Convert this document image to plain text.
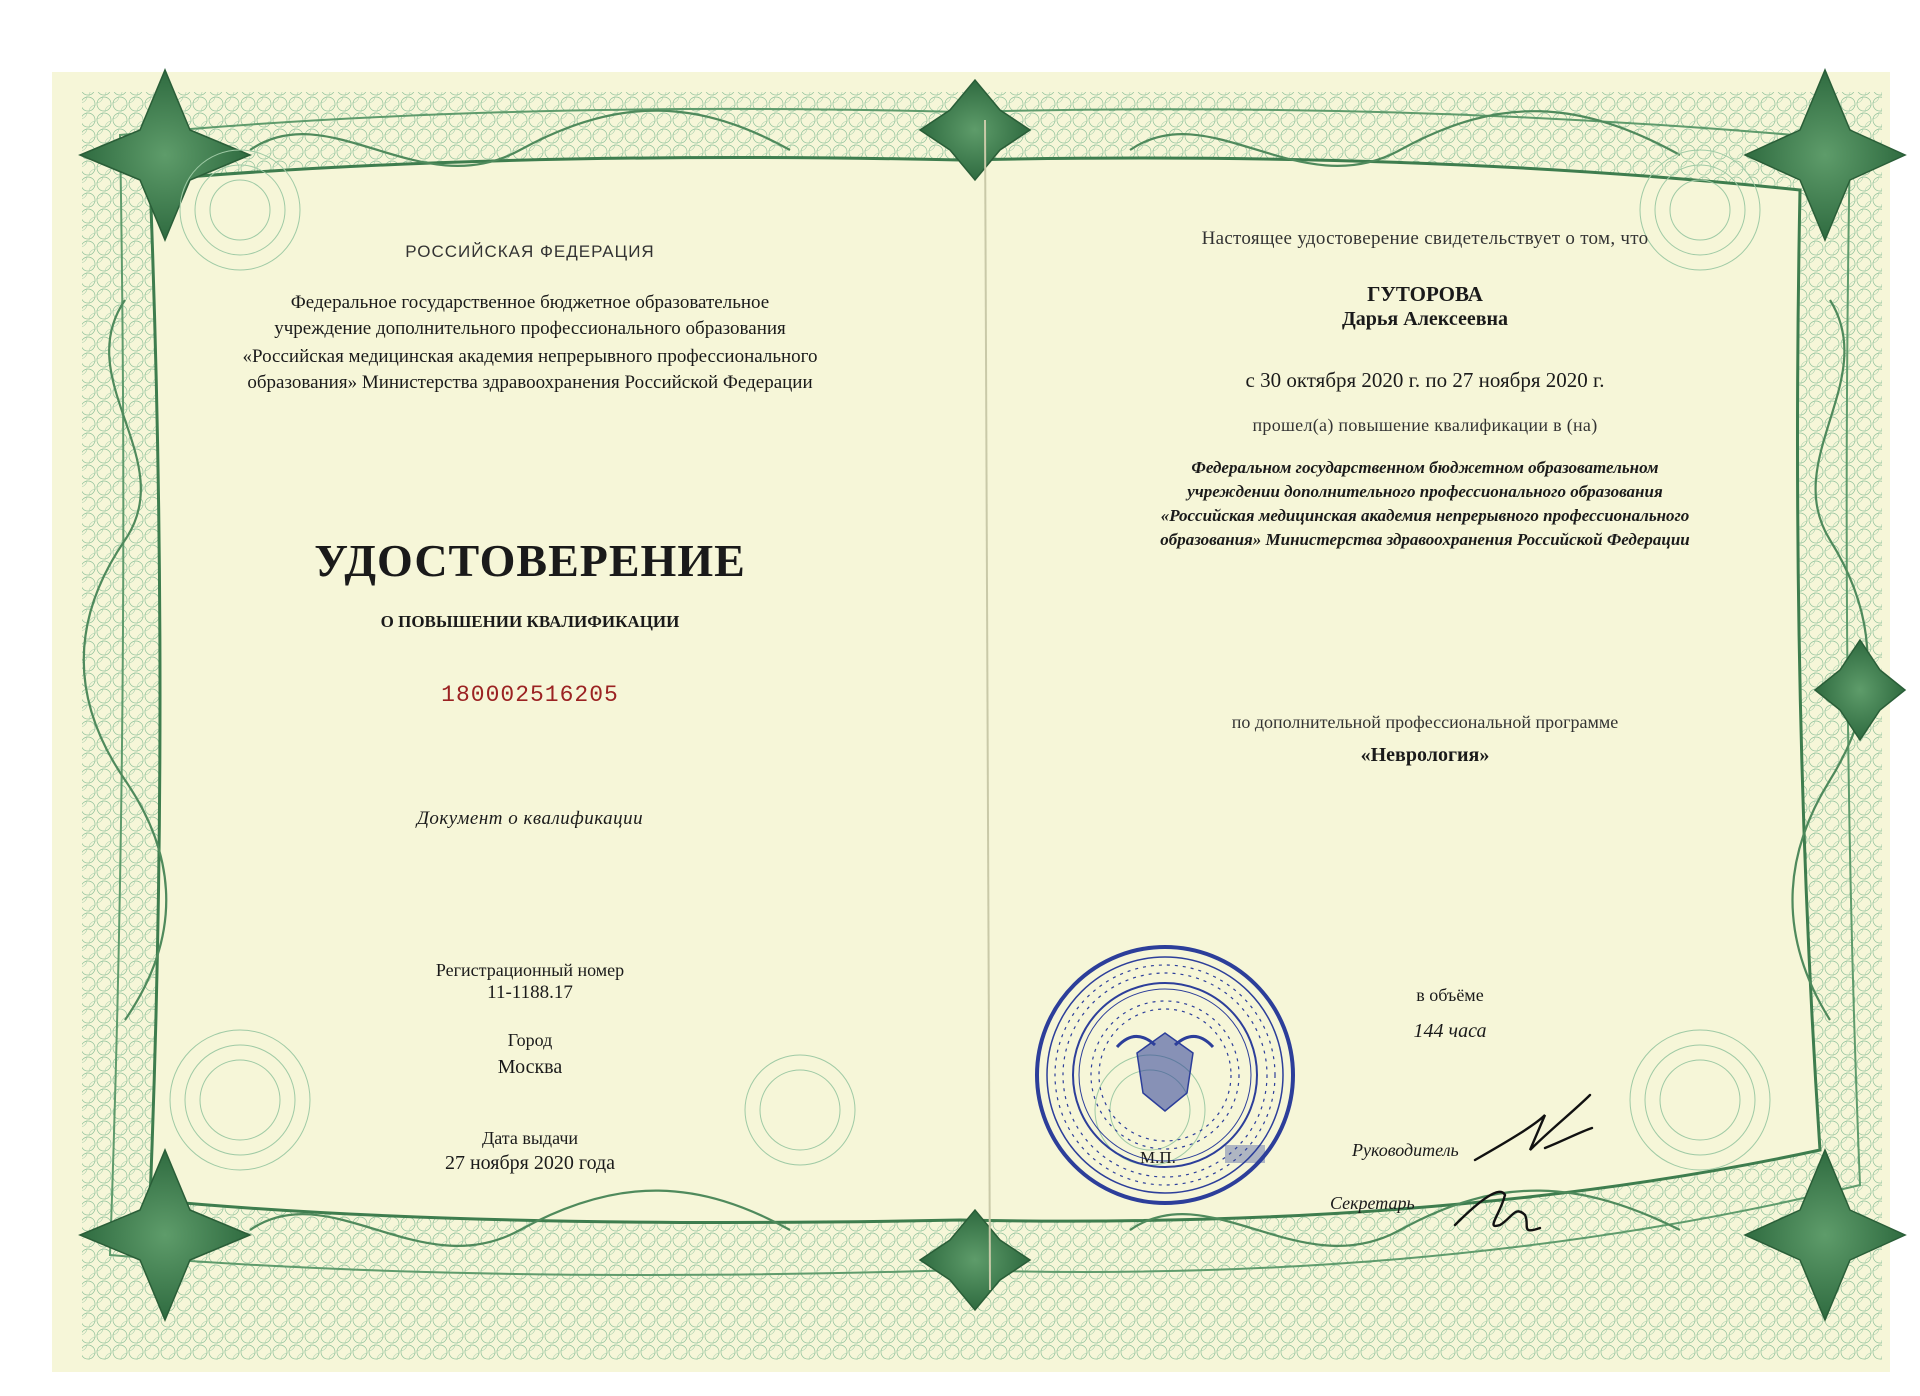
РОССИЙСКАЯ ФЕДЕРАЦИЯ
Федеральное государственное бюджетное образовательное
учреждение дополнительного профессионального образования
«Российская медицинская академия непрерывного профессионального
образования» Министерства здравоохранения Российской Федерации
УДОСТОВЕРЕНИЕ
О ПОВЫШЕНИИ КВАЛИФИКАЦИИ
180002516205
Документ о квалификации
Регистрационный номер
11-1188.17
Город
Москва
Дата выдачи
27 ноября 2020 года
Настоящее удостоверение свидетельствует о том, что
ГУТОРОВА
Дарья Алексеевна
с 30 октября 2020 г. по 27 ноября 2020 г.
прошел(а) повышение квалификации в (на)
Федеральном государственном бюджетном образовательном
учреждении дополнительного профессионального образования
«Российская медицинская академия непрерывного профессионального
образования» Министерства здравоохранения Российской Федерации
по дополнительной профессиональной программе
«Неврология»
в объёме
144 часа
М.П.	Руководитель
Секретарь
